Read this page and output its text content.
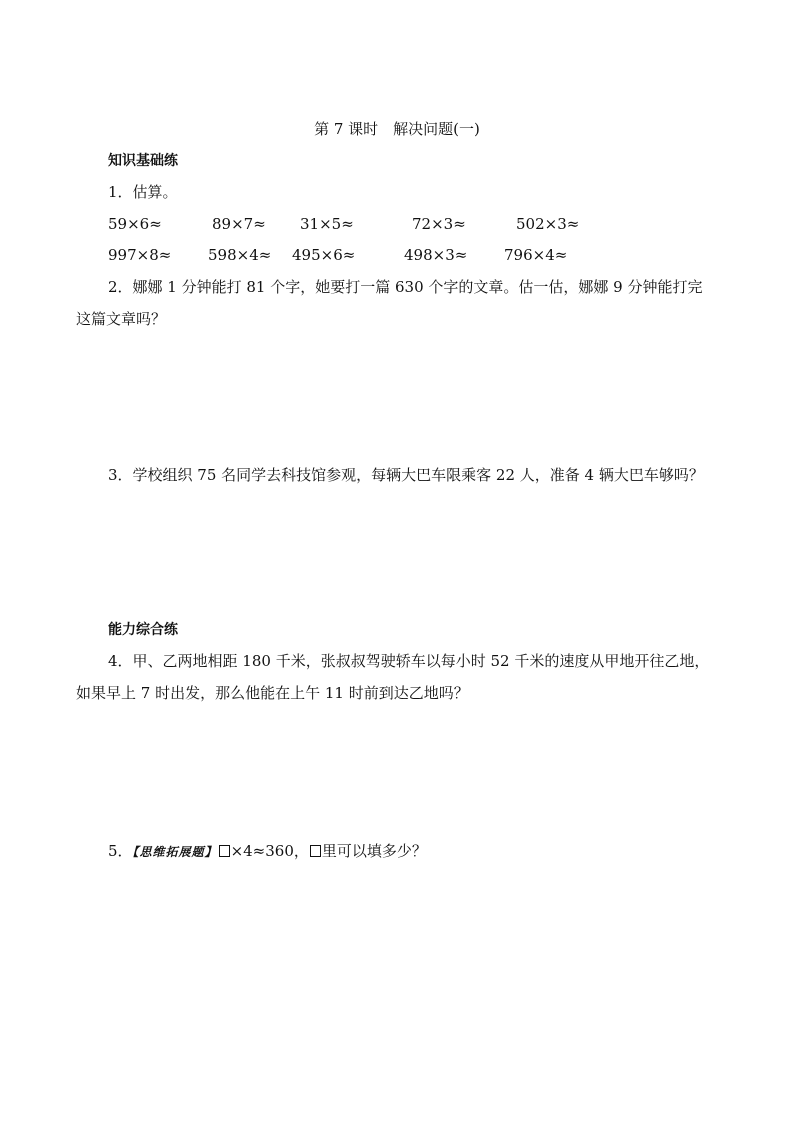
第 7 课时　解决问题(一)
知识基础练
1．估算。
59×6≈	89×7≈ 31×5≈	72×3≈	502×3≈
997×8≈ 598×4≈ 495×6≈	498×3≈ 796×4≈
2．娜娜 1 分钟能打 81 个字，她要打一篇 630 个字的文章。估一估，娜娜 9 分钟能打完
这篇文章吗？
3．学校组织 75 名同学去科技馆参观，每辆大巴车限乘客 22 人，准备 4 辆大巴车够吗？
能力综合练
4．甲、乙两地相距 180 千米，张叔叔驾驶轿车以每小时 52 千米的速度从甲地开往乙地，
如果早上 7 时出发，那么他能在上午 11 时前到达乙地吗？
5．【思维拓展题】 ×4≈360， 里可以填多少？
